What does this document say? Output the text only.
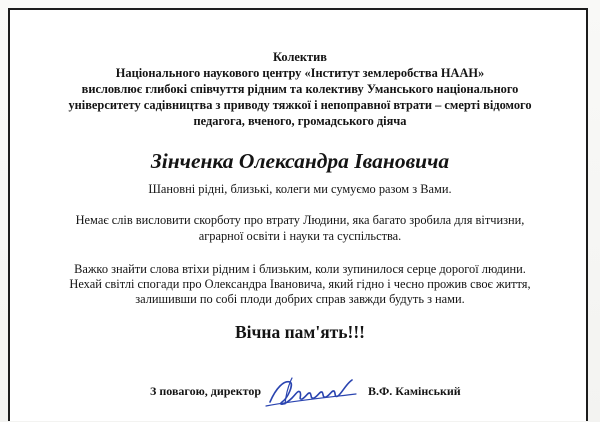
Колектив
Національного наукового центру «Інститут землеробства НААН»
висловлює глибокі співчуття рідним та колективу Уманського національного
університету садівництва з приводу тяжкої і непоправної втрати – смерті відомого
педагога, вченого, громадського діяча
Зінченка Олександра Івановича
Шановні рідні, близькі, колеги ми сумуємо разом з Вами.
Немає слів висловити скорботу про втрату Людини, яка багато зробила для вітчизни,
аграрної освіти і науки та суспільства.
Важко знайти слова втіхи рідним і близьким, коли зупинилося серце дорогої людини.
Нехай світлі спогади про Олександра Івановича, який гідно і чесно прожив своє життя,
залишивши по собі плоди добрих справ завжди будуть з нами.
Вічна пам'ять!!!
З повагою, директор	В.Ф. Камінський
